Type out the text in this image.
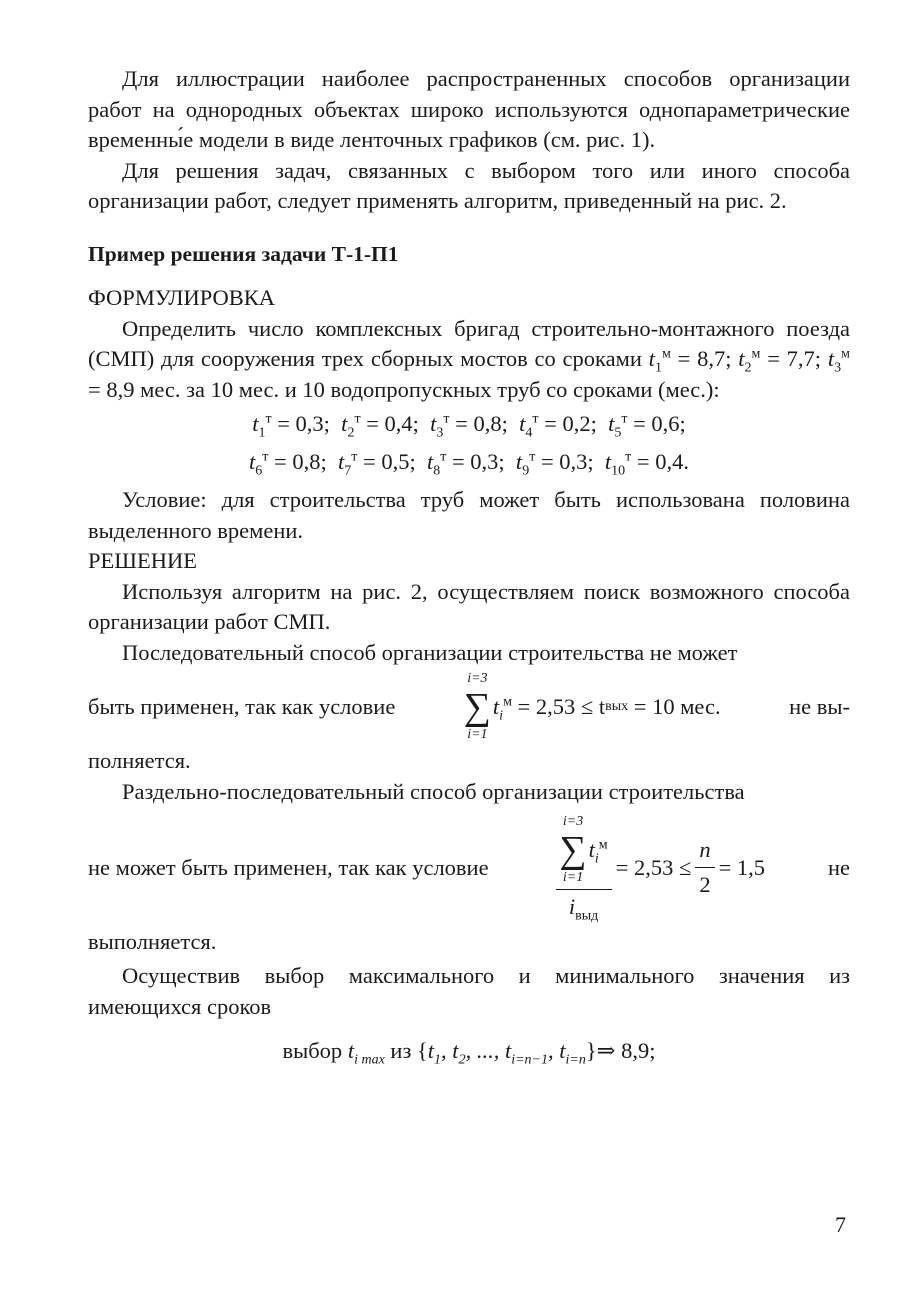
Для иллюстрации наиболее распространенных способов организации работ на однородных объектах широко используются однопараметрические временны́е модели в виде ленточных графиков (см. рис. 1).

Для решения задач, связанных с выбором того или иного способа организации работ, следует применять алгоритм, приведенный на рис. 2.

Пример решения задачи Т-1-П1

ФОРМУЛИРОВКА

Определить число комплексных бригад строительно-монтажного поезда (СМП) для сооружения трех сборных мостов со сроками $t_1^м = 8,7$; $t_2^м = 7,7$; $t_3^м = 8,9$ мес. за 10 мес. и 10 водопропускных труб со сроками (мес.):

$t_1^т = 0,3$;  $t_2^т = 0,4$;  $t_3^т = 0,8$;  $t_4^т = 0,2$;  $t_5^т = 0,6$;
$t_6^т = 0,8$;  $t_7^т = 0,5$;  $t_8^т = 0,3$;  $t_9^т = 0,3$;  $t_{10}^т = 0,4$.

Условие: для строительства труб может быть использована половина выделенного времени.

РЕШЕНИЕ

Используя алгоритм на рис. 2, осуществляем поиск возможного способа организации работ СМП.

Последовательный способ организации строительства не может

быть применен, так как условие
i=3
∑
i=1
$t_i^м$
= 2,53 ≤ t вых
= 10 мес.	не вы-

полняется.

Раздельно-последовательный способ организации строительства

не может быть применен, так как условие	i=3
∑
i=1
$t_i^м$
$i_{выд} = 2,53 \le \frac{n}{2} = 1,5$	не

выполняется.

Осуществив выбор максимального и минимального значения из имеющихся сроков

выбор $t_{i max}$ из {$t_1$, $t_2$, ..., $t_{i=n-1}$, $t_{i=n}\}\Rightarrow$ 8,9;
7
